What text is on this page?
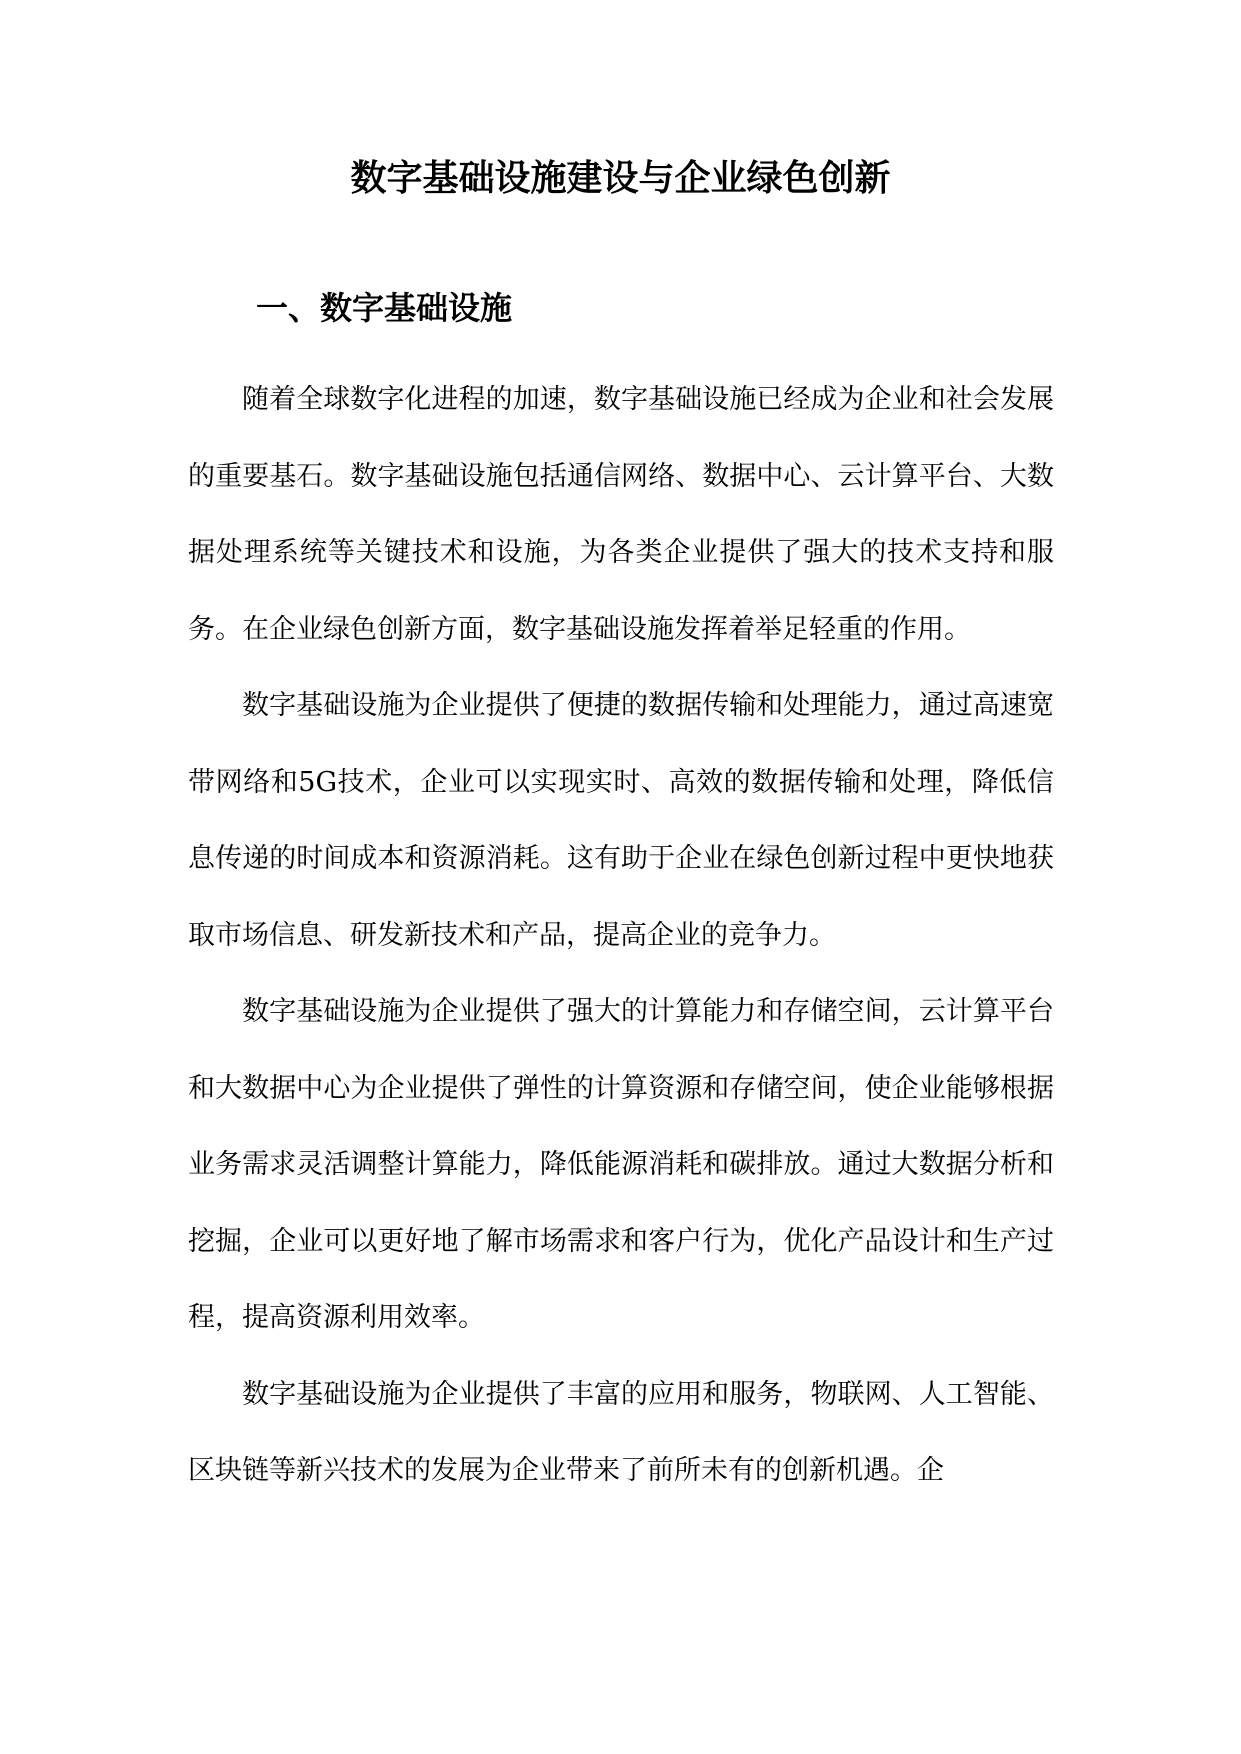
数字基础设施建设与企业绿色创新
一、数字基础设施

随着全球数字化进程的加速，数字基础设施已经成为企业和社会发展的重要基石。数字基础设施包括通信网络、数据中心、云计算平台、大数据处理系统等关键技术和设施，为各类企业提供了强大的技术支持和服务。在企业绿色创新方面，数字基础设施发挥着举足轻重的作用。

数字基础设施为企业提供了便捷的数据传输和处理能力，通过高速宽带网络和5G技术，企业可以实现实时、高效的数据传输和处理，降低信息传递的时间成本和资源消耗。这有助于企业在绿色创新过程中更快地获取市场信息、研发新技术和产品，提高企业的竞争力。

数字基础设施为企业提供了强大的计算能力和存储空间，云计算平台和大数据中心为企业提供了弹性的计算资源和存储空间，使企业能够根据业务需求灵活调整计算能力，降低能源消耗和碳排放。通过大数据分析和挖掘，企业可以更好地了解市场需求和客户行为，优化产品设计和生产过程，提高资源利用效率。

数字基础设施为企业提供了丰富的应用和服务，物联网、人工智能、区块链等新兴技术的发展为企业带来了前所未有的创新机遇。企
